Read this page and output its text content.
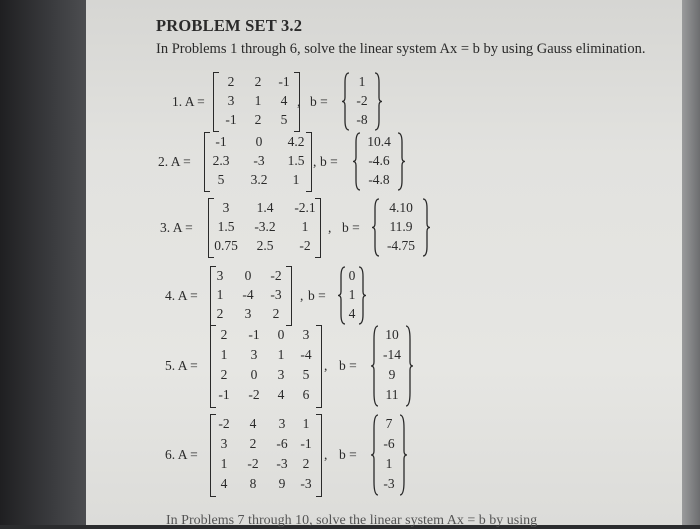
PROBLEM SET 3.2
In Problems 1 through 6, solve the linear system Ax = b by using Gauss elimination.
1. A =
2	2	-1
3	1	4
-1	2	5
, b =
1
-2
-8
2. A =
-1	0	4.2
2.3	-3	1.5
5	3.2	1
, b =
10.4
-4.6
-4.8
3. A =
3	1.4	-2.1
1.5	-3.2	1
0.75	2.5	-2
, b =
4.10
11.9
-4.75
4. A =
3	0	-2
1	-4	-3
2	3	2
, b =
0
1
4
5. A =
2	-1	0	3
1	3	1	-4
2	0	3	5
-1	-2	4	6
, b =
10
-14
9
11
6. A =
-2	4	3	1
3	2	-6 -1
1	-2	-3	2
4	8	9	-3
, b =
7
-6
1
-3
In Problems 7 through 10, solve the linear system Ax = b by using
